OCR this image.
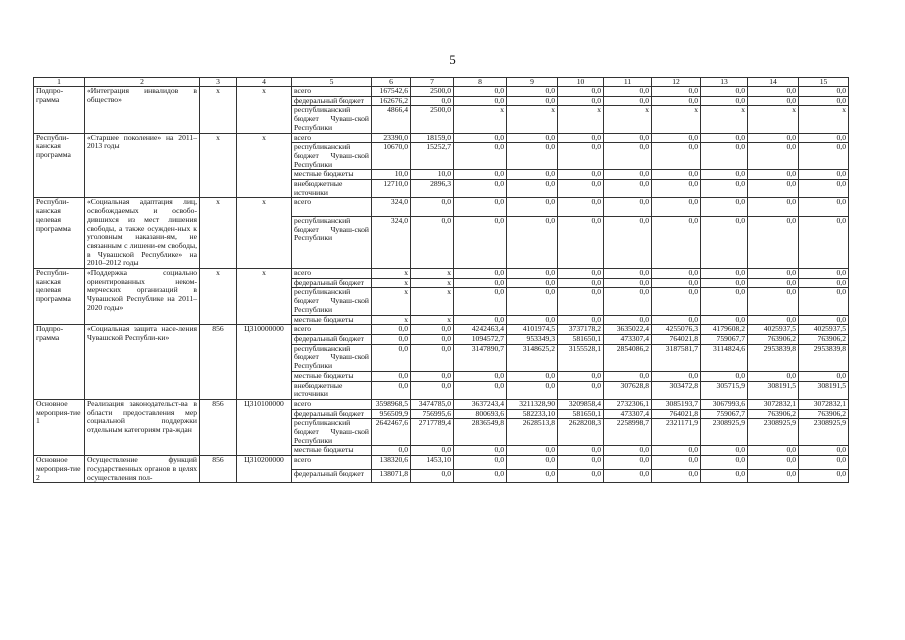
5
1	2	3	4	5	6	7	8	9	10	11	12	13	14	15
Подпро- грамма	«Интеграция инвалидов в общество»	x	x	всего	167542,6	2500,0	0,0	0,0	0,0	0,0	0,0	0,0	0,0	0,0
				федеральный бюджет	162676,2	0,0	0,0	0,0	0,0	0,0	0,0	0,0	0,0	0,0
				республиканский бюджет Чуваш-ской Республики	4866,4	2500,0	x	x	x	x	x	x	x	x
Республи-канская программа	«Старшее поколение» на 2011–2013 годы	x	x	всего	23390,0	18159,0	0,0	0,0	0,0	0,0	0,0	0,0	0,0	0,0
				республиканский бюджет Чуваш-ской Республики	10670,0	15252,7	0,0	0,0	0,0	0,0	0,0	0,0	0,0	0,0
				местные бюджеты	10,0	10,0	0,0	0,0	0,0	0,0	0,0	0,0	0,0	0,0
				внебюджетные источники	12710,0	2896,3	0,0	0,0	0,0	0,0	0,0	0,0	0,0	0,0
Республи-канская целевая программа	«Социальная адаптация лиц, освобождаемых и освобо-дившихся из мест лишения свободы, а также осужден-ных к уголовным наказани-ям, не связанным с лишени-ем свободы, в Чувашской Республике» на 2010–2012 годы	x	x	всего	324,0	0,0	0,0	0,0	0,0	0,0	0,0	0,0	0,0	0,0
				республиканский бюджет Чуваш-ской Республики	324,0	0,0	0,0	0,0	0,0	0,0	0,0	0,0	0,0	0,0
Республи-канская целевая программа	«Поддержка социально ориентированных неком-мерческих организаций в Чувашской Республике на 2011–2020 годы»	x	x	всего	x	x	0,0	0,0	0,0	0,0	0,0	0,0	0,0	0,0
				федеральный бюджет	x	x	0,0	0,0	0,0	0,0	0,0	0,0	0,0	0,0
				республиканский бюджет Чуваш-ской Республики	x	x	0,0	0,0	0,0	0,0	0,0	0,0	0,0	0,0
				местные бюджеты	x	x	0,0	0,0	0,0	0,0	0,0	0,0	0,0	0,0
Подпро- грамма	«Социальная защита насе-ления Чувашской Республи-ки»	856	Ц310000000	всего	0,0	0,0	4242463,4	4101974,5	3737178,2	3635022,4	4255076,3	4179608,2	4025937,5	4025937,5
				федеральный бюджет	0,0	0,0	1094572,7	953349,3	581650,1	473307,4	764021,8	759067,7	763906,2	763906,2
				республиканский бюджет Чуваш-ской Республики	0,0	0,0	3147890,7	3148625,2	3155528,1	2854086,2	3187581,7	3114824,6	2953839,8	2953839,8
				местные бюджеты	0,0	0,0	0,0	0,0	0,0	0,0	0,0	0,0	0,0	0,0
				внебюджетные источники	0,0	0,0	0,0	0,0	0,0	307628,8	303472,8	305715,9	308191,5	308191,5
Основное мероприя-тие 1	Реализация законодательст-ва в области предоставления мер социальной поддержки отдельным категориям гра-ждан	856	Ц310100000	всего	3598968,5	3474785,0	3637243,4	3211328,90	3209858,4	2732306,1	3085193,7	3067993,6	3072832,1	3072832,1
				федеральный бюджет	956509,9	756995,6	800693,6	582233,10	581650,1	473307,4	764021,8	759067,7	763906,2	763906,2
				республиканский бюджет Чуваш-ской Республики	2642467,6	2717789,4	2836549,8	2628513,8	2628208,3	2258998,7	2321171,9	2308925,9	2308925,9	2308925,9
				местные бюджеты	0,0	0,0	0,0	0,0	0,0	0,0	0,0	0,0	0,0	0,0
Основное мероприя-тие 2	Осуществление функций государственных органов в целях осуществления пол-	856	Ц310200000	всего	138320,6	1453,10	0,0	0,0	0,0	0,0	0,0	0,0	0,0	0,0
				федеральный бюджет	138071,8	0,0	0,0	0,0	0,0	0,0	0,0	0,0	0,0	0,0
